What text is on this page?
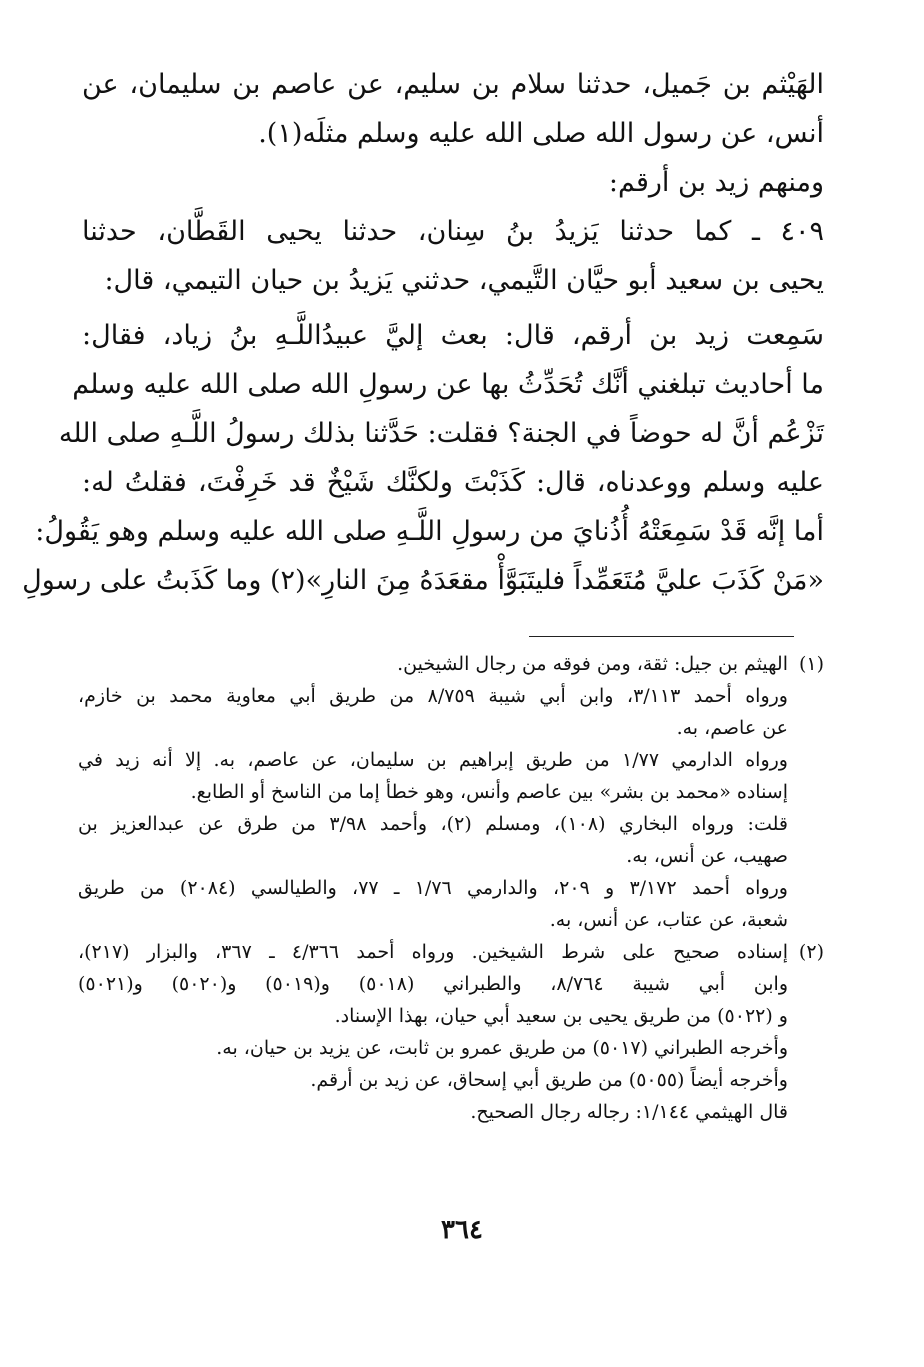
الهَيْثم بن جَميل، حدثنا سلام بن سليم، عن عاصم بن سليمان، عن
أنس، عن رسول الله صلى الله عليه وسلم مثلَه(١).
ومنهم زيد بن أرقم:
٤٠٩ ـ كما حدثنا يَزيدُ بنُ سِنان، حدثنا يحيى القَطَّان، حدثنا
يحيى بن سعيد أبو حيَّان التَّيمي، حدثني يَزيدُ بن حيان التيمي، قال:
سَمِعت زيد بن أرقم، قال: بعث إليَّ عبيدُاللَّـهِ بنُ زياد، فقال:
ما أحاديث تبلغني أنَّك تُحَدِّثُ بها عن رسولِ الله صلى الله عليه وسلم
تَزْعُم أنَّ له حوضاً في الجنة؟ فقلت: حَدَّثنا بذلك رسولُ اللَّـهِ صلى الله
عليه وسلم ووعدناه، قال: كَذَبْتَ ولكنَّك شَيْخٌ قد خَرِفْتَ، فقلتُ له:
أما إنَّه قَدْ سَمِعَتْهُ أُذُنايَ من رسولِ اللَّـهِ صلى الله عليه وسلم وهو يَقُولُ:
«مَنْ كَذَبَ عليَّ مُتَعَمِّداً فليتَبَوَّأْ مقعَدَهُ مِنَ النارِ»(٢) وما كَذَبتُ على رسولِ
(١)الهيثم بن جيل: ثقة، ومن فوقه من رجال الشيخين.
ورواه أحمد ٣/١١٣، وابن أبي شيبة ٨/٧٥٩ من طريق أبي معاوية محمد بن خازم،
عن عاصم، به.
ورواه الدارمي ١/٧٧ من طريق إبراهيم بن سليمان، عن عاصم، به. إلا أنه زيد في
إسناده «محمد بن بشر» بين عاصم وأنس، وهو خطأ إما من الناسخ أو الطابع.
قلت: ورواه البخاري (١٠٨)، ومسلم (٢)، وأحمد ٣/٩٨ من طرق عن عبدالعزيز بن
صهيب، عن أنس، به.
ورواه أحمد ٣/١٧٢ و ٢٠٩، والدارمي ١/٧٦ ـ ٧٧، والطيالسي (٢٠٨٤) من طريق
شعبة، عن عتاب، عن أنس، به.
(٢)إسناده صحيح على شرط الشيخين. ورواه أحمد ٤/٣٦٦ ـ ٣٦٧، والبزار (٢١٧)،
وابن أبي شيبة ٨/٧٦٤، والطبراني (٥٠١٨) و(٥٠١٩) و(٥٠٢٠) و(٥٠٢١)
و (٥٠٢٢) من طريق يحيى بن سعيد أبي حيان، بهذا الإسناد.
وأخرجه الطبراني (٥٠١٧) من طريق عمرو بن ثابت، عن يزيد بن حيان، به.
وأخرجه أيضاً (٥٠٥٥) من طريق أبي إسحاق، عن زيد بن أرقم.
قال الهيثمي ١/١٤٤: رجاله رجال الصحيح.
٣٦٤
